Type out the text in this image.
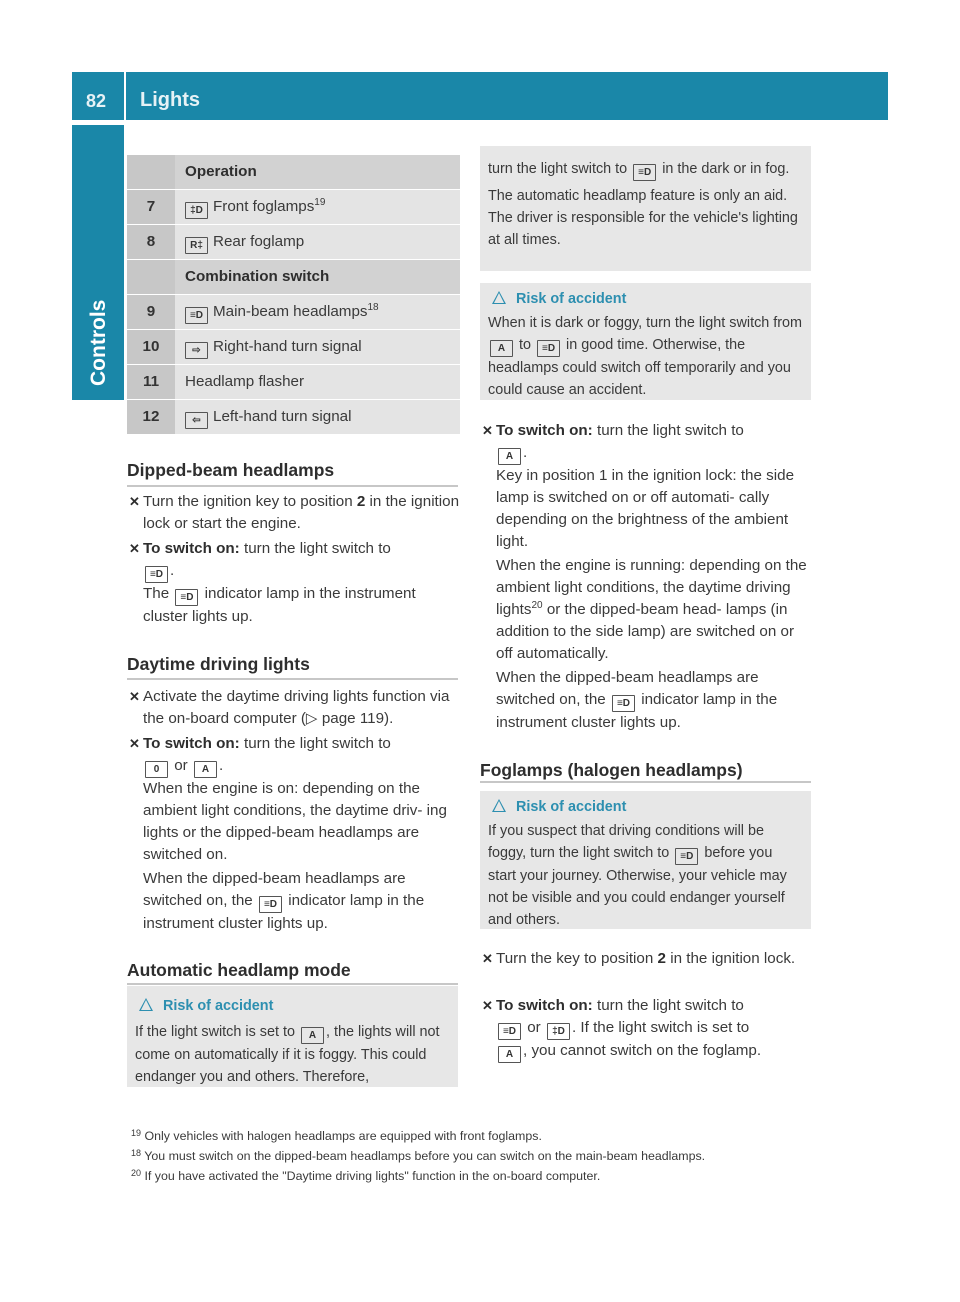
82 Lights
Controls
	Operation
7	‡D Front foglamps$^{19}$
8	R‡ Rear foglamp
	Combination switch
9	≡D Main-beam headlamps$^{18}$
10	⇨ Right-hand turn signal
11	Headlamp flasher
12	⇦ Left-hand turn signal
Dipped-beam headlamps
✕ Turn the ignition key to position 2 in the ignition lock or start the engine.

✕ To switch on: turn the light switch to
≡D .
The ≡D indicator lamp in the instrument cluster lights up.

Daytime driving lights
✕ Activate the daytime driving lights function via the on-board computer (▷ page 119).

✕ To switch on: turn the light switch to
0 or A .

When the engine is on: depending on the ambient light conditions, the daytime driv- ing lights or the dipped-beam headlamps are switched on.

When the dipped-beam headlamps are switched on, the ≡D indicator lamp in the instrument cluster lights up.

Automatic headlamp mode
Risk of accident
If the light switch is set to A , the lights will not come on automatically if it is foggy. This could endanger you and others. Therefore,
turn the light switch to ≡D in the dark or in fog.
The automatic headlamp feature is only an aid. The driver is responsible for the vehicle's lighting at all times.
Risk of accident
When it is dark or foggy, turn the light switch from A to ≡D in good time. Otherwise, the headlamps could switch off temporarily and you could cause an accident.
✕ To switch on: turn the light switch to
A .

Key in position 1 in the ignition lock: the side lamp is switched on or off automati- cally depending on the brightness of the ambient light.

When the engine is running: depending on the ambient light conditions, the daytime driving lights$^{20}$ or the dipped-beam head- lamps (in addition to the side lamp) are switched on or off automatically.

When the dipped-beam headlamps are switched on, the ≡D indicator lamp in the instrument cluster lights up.

Foglamps (halogen headlamps)
Risk of accident
If you suspect that driving conditions will be foggy, turn the light switch to ≡D before you start your journey. Otherwise, your vehicle may not be visible and you could endanger yourself and others.
✕ Turn the key to position 2 in the ignition lock.

✕ To switch on: turn the light switch to
≡D or ‡D . If the light switch is set to
A , you cannot switch on the foglamp.

$^{19}$ Only vehicles with halogen headlamps are equipped with front foglamps.
$^{18}$ You must switch on the dipped-beam headlamps before you can switch on the main-beam headlamps.
$^{20}$ If you have activated the "Daytime driving lights" function in the on-board computer.
